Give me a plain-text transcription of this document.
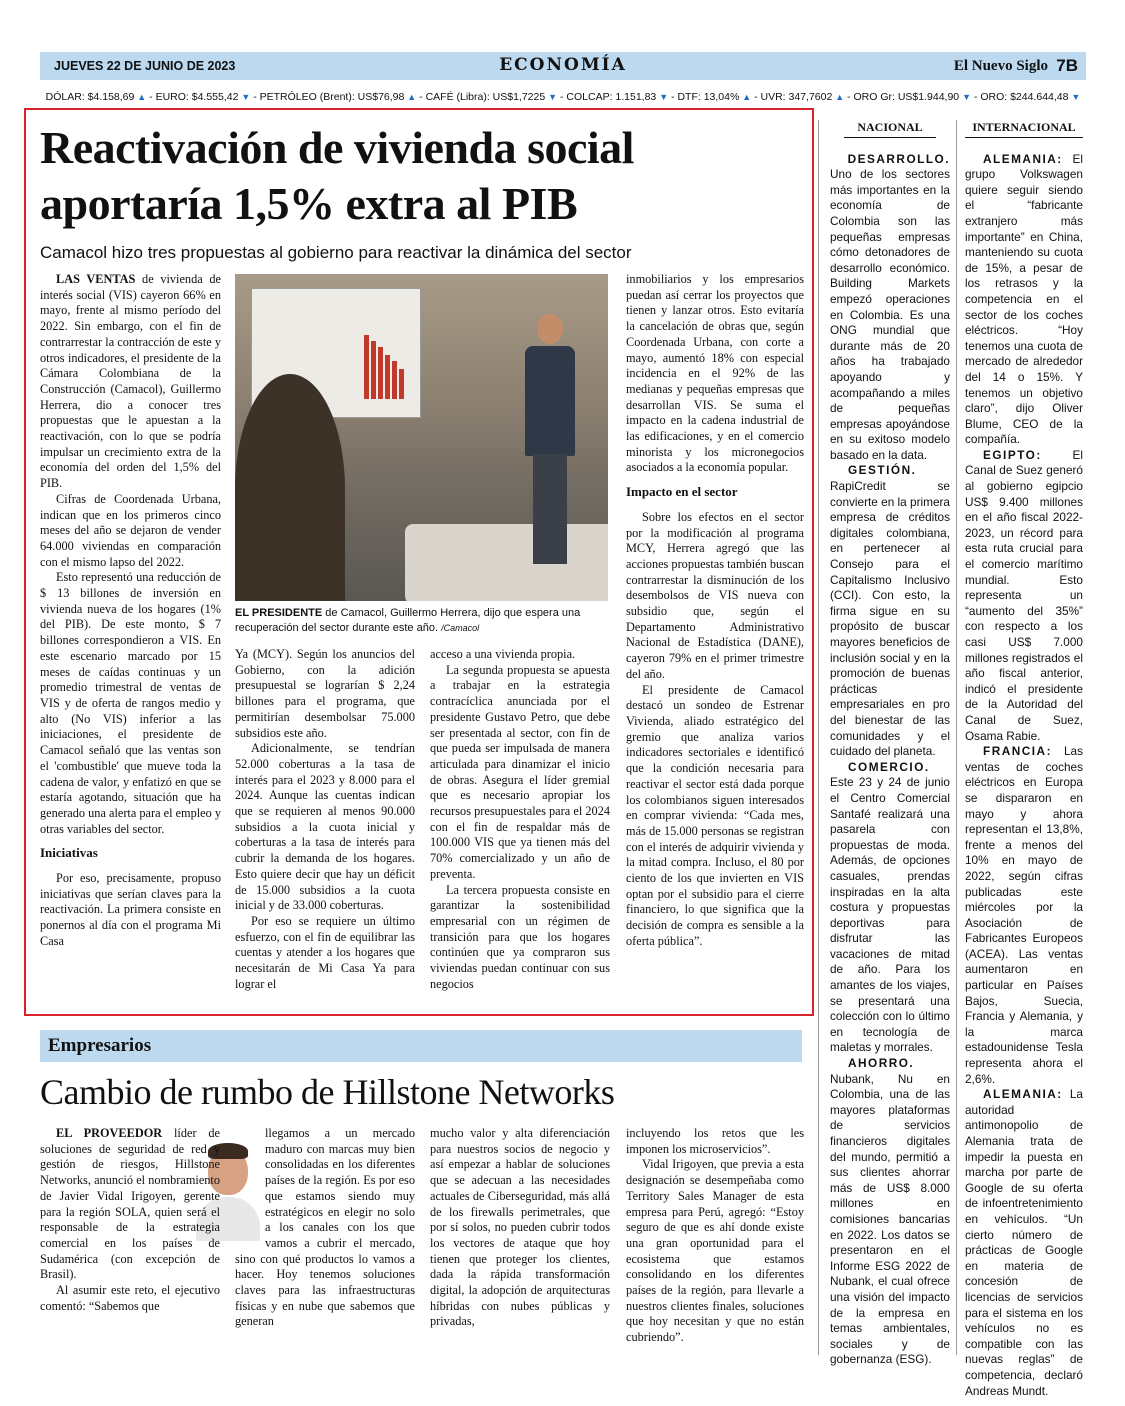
JUEVES 22 DE JUNIO DE 2023	ECONOMÍA	El Nuevo Siglo 7B
DÓLAR: $4.158,69 ▲ - EURO: $4.555,42 ▼ - PETRÓLEO (Brent): US$76,98 ▲ - CAFÉ (Libra): US$1,7225 ▼ - COLCAP: 1.151,83 ▼ - DTF: 13,04% ▲ - UVR: 347,7602 ▲ - ORO Gr: US$1.944,90 ▼ - ORO: $244.644,48 ▼
Reactivación de vivienda social aportaría 1,5% extra al PIB
Camacol hizo tres propuestas al gobierno para reactivar la dinámica del sector

LAS VENTAS de vivienda de interés social (VIS) cayeron 66% en mayo, frente al mismo período del 2022. Sin embargo, con el fin de contrarrestar la contracción de este y otros indicadores, el presidente de la Cámara Colombiana de la Construcción (Camacol), Guillermo Herrera, dio a conocer tres propuestas que le apuestan a la reactivación, con lo que se podría impulsar un crecimiento extra de la economía del orden del 1,5% del PIB.

Cifras de Coordenada Urbana, indican que en los primeros cinco meses del año se dejaron de vender 64.000 viviendas en comparación con el mismo lapso del 2022.

Esto representó una reducción de $ 13 billones de inversión en vivienda nueva de los hogares (1% del PIB). De este monto, $ 7 billones correspondieron a VIS. En este escenario marcado por 15 meses de caídas continuas y un promedio trimestral de ventas de VIS y de oferta de rangos medio y alto (No VIS) inferior a las iniciaciones, el presidente de Camacol señaló que las ventas son el 'combustible' que mueve toda la cadena de valor, y enfatizó en que se estaría agotando, situación que ha generado una alerta para el empleo y otras variables del sector.

Iniciativas

Por eso, precisamente, propuso iniciativas que serían claves para la reactivación. La primera consiste en ponernos al día con el programa Mi Casa

EL PRESIDENTE de Camacol, Guillermo Herrera, dijo que espera una recuperación del sector durante este año. /Camacol

Ya (MCY). Según los anuncios del Gobierno, con la adición presupuestal se lograrían $ 2,24 billones para el programa, que permitirían desembolsar 75.000 subsidios este año.

Adicionalmente, se tendrían 52.000 coberturas a la tasa de interés para el 2023 y 8.000 para el 2024. Aunque las cuentas indican que se requieren al menos 90.000 subsidios a la cuota inicial y coberturas a la tasa de interés para cubrir la demanda de los hogares. Esto quiere decir que hay un déficit de 15.000 subsidios a la cuota inicial y de 33.000 coberturas.

Por eso se requiere un último esfuerzo, con el fin de equilibrar las cuentas y atender a los hogares que necesitarán de Mi Casa Ya para lograr el

acceso a una vivienda propia.

La segunda propuesta se apuesta a trabajar en la estrategia contracíclica anunciada por el presidente Gustavo Petro, que debe ser presentada al sector, con fin de que pueda ser impulsada de manera articulada para dinamizar el inicio de obras. Asegura el líder gremial que es necesario apropiar los recursos presupuestales para el 2024 con el fin de respaldar más de 100.000 VIS que ya tienen más del 70% comercializado y un año de preventa.

La tercera propuesta consiste en garantizar la sostenibilidad empresarial con un régimen de transición para que los hogares continúen que ya compraron sus viviendas puedan continuar con sus negocios

inmobiliarios y los empresarios puedan así cerrar los proyectos que tienen y lanzar otros. Esto evitaría la cancelación de obras que, según Coordenada Urbana, con corte a mayo, aumentó 18% con especial incidencia en el 92% de las medianas y pequeñas empresas que desarrollan VIS. Se suma el impacto en la cadena industrial de las edificaciones, y en el comercio minorista y los micronegocios asociados a la economía popular.

Impacto en el sector

Sobre los efectos en el sector por la modificación al programa MCY, Herrera agregó que las acciones propuestas también buscan contrarrestar la disminución de los desembolsos de VIS nueva con subsidio que, según el Departamento Administrativo Nacional de Estadística (DANE), cayeron 79% en el primer trimestre del año.

El presidente de Camacol destacó un sondeo de Estrenar Vivienda, aliado estratégico del gremio que analiza varios indicadores sectoriales e identificó que la condición necesaria para reactivar el sector está dada porque los colombianos siguen interesados en comprar vivienda: “Cada mes, más de 15.000 personas se registran con el interés de adquirir vivienda y la mitad compra. Incluso, el 80 por ciento de los que invierten en VIS optan por el subsidio para el cierre financiero, lo que significa que la decisión de compra es sensible a la oferta pública”.

Empresarios
Cambio de rumbo de Hillstone Networks

EL PROVEEDOR líder de soluciones de seguridad de red y gestión de riesgos, Hillstone Networks, anunció el nombramiento de Javier Vidal Irigoyen, gerente para la región SOLA, quien será el responsable de la estrategia comercial en los países de Sudamérica (con excepción de Brasil).

Al asumir este reto, el ejecutivo comentó: “Sabemos que

llegamos a un mercado maduro con marcas muy bien consolidadas en los diferentes países de la región. Es por eso que estamos siendo muy estratégicos en elegir no solo a los canales con los que vamos a cubrir el mercado, sino con qué productos lo vamos a hacer. Hoy tenemos soluciones claves para las infraestructuras físicas y en nube que sabemos que generan

mucho valor y alta diferenciación para nuestros socios de negocio y así empezar a hablar de soluciones que se adecuan a las necesidades actuales de Ciberseguridad, más allá de los firewalls perimetrales, que por sí solos, no pueden cubrir todos los vectores de ataque que hoy tienen que proteger los clientes, dada la rápida transformación digital, la adopción de arquitecturas híbridas con nubes públicas y privadas,

incluyendo los retos que les imponen los microservicios”.

Vidal Irigoyen, que previa a esta designación se desempeñaba como Territory Sales Manager de esta empresa para Perú, agregó: “Estoy seguro de que es ahí donde existe una gran oportunidad para el ecosistema que estamos consolidando en los diferentes países de la región, para llevarle a nuestros clientes finales, soluciones que hoy necesitan y que no están cubriendo”.

NACIONAL

DESARROLLO.
Uno de los sectores más importantes en la economía de Colombia son las pequeñas empresas cómo detonadores de desarrollo económico. Building Markets empezó operaciones en Colombia. Es una ONG mundial que durante más de 20 años ha trabajado apoyando y acompañando a miles de pequeñas empresas apoyándose en su exitoso modelo basado en la data.

GESTIÓN. RapiCredit se convierte en la primera empresa de créditos digitales colombiana, en pertenecer al Consejo para el Capitalismo Inclusivo (CCI). Con esto, la firma sigue en su propósito de buscar mayores beneficios de inclusión social y en la promoción de buenas prácticas empresariales en pro del bienestar de las comunidades y el cuidado del planeta.

COMERCIO. Este 23 y 24 de junio el Centro Comercial Santafé realizará una pasarela con propuestas de moda. Además, de opciones casuales, prendas inspiradas en la alta costura y propuestas deportivas para disfrutar las vacaciones de mitad de año. Para los amantes de los viajes, se presentará una colección con lo último en tecnología de maletas y morrales.

AHORRO. Nubank, Nu en Colombia, una de las mayores plataformas de servicios financieros digitales del mundo, permitió a sus clientes ahorrar más de US$ 8.000 millones en comisiones bancarias en 2022. Los datos se presentaron en el Informe ESG 2022 de Nubank, el cual ofrece una visión del impacto de la empresa en temas ambientales, sociales y de gobernanza (ESG).

INTERNACIONAL

ALEMANIA: El grupo Volkswagen quiere seguir siendo el “fabricante extranjero más importante” en China, manteniendo su cuota de 15%, a pesar de los retrasos y la competencia en el sector de los coches eléctricos. “Hoy tenemos una cuota de mercado de alrededor del 14 o 15%. Y tenemos un objetivo claro”, dijo Oliver Blume, CEO de la compañía.

EGIPTO:	El Canal de Suez generó al gobierno egipcio US$ 9.400 millones en el año fiscal 2022-2023, un récord para esta ruta crucial para el comercio marítimo mundial. Esto representa un “aumento del 35%” con respecto a los casi US$ 7.000 millones registrados el año fiscal anterior, indicó el presidente de la Autoridad del Canal de Suez, Osama Rabie.

FRANCIA: Las ventas de coches eléctricos en Europa se dispararon en mayo y ahora representan el 13,8%, frente a menos del 10% en mayo de 2022, según cifras publicadas este miércoles por la Asociación de Fabricantes Europeos (ACEA). Las ventas aumentaron en particular en Países Bajos, Suecia, Francia y Alemania, y la marca estadounidense Tesla representa ahora el 2,6%.

ALEMANIA: La autoridad antimonopolio de Alemania trata de impedir la puesta en marcha por parte de Google de su oferta de infoentretenimiento en vehículos. “Un cierto número de prácticas de Google en materia de concesión de licencias de servicios para el sistema en los vehículos no es compatible con las nuevas reglas” de competencia, declaró Andreas Mundt.
